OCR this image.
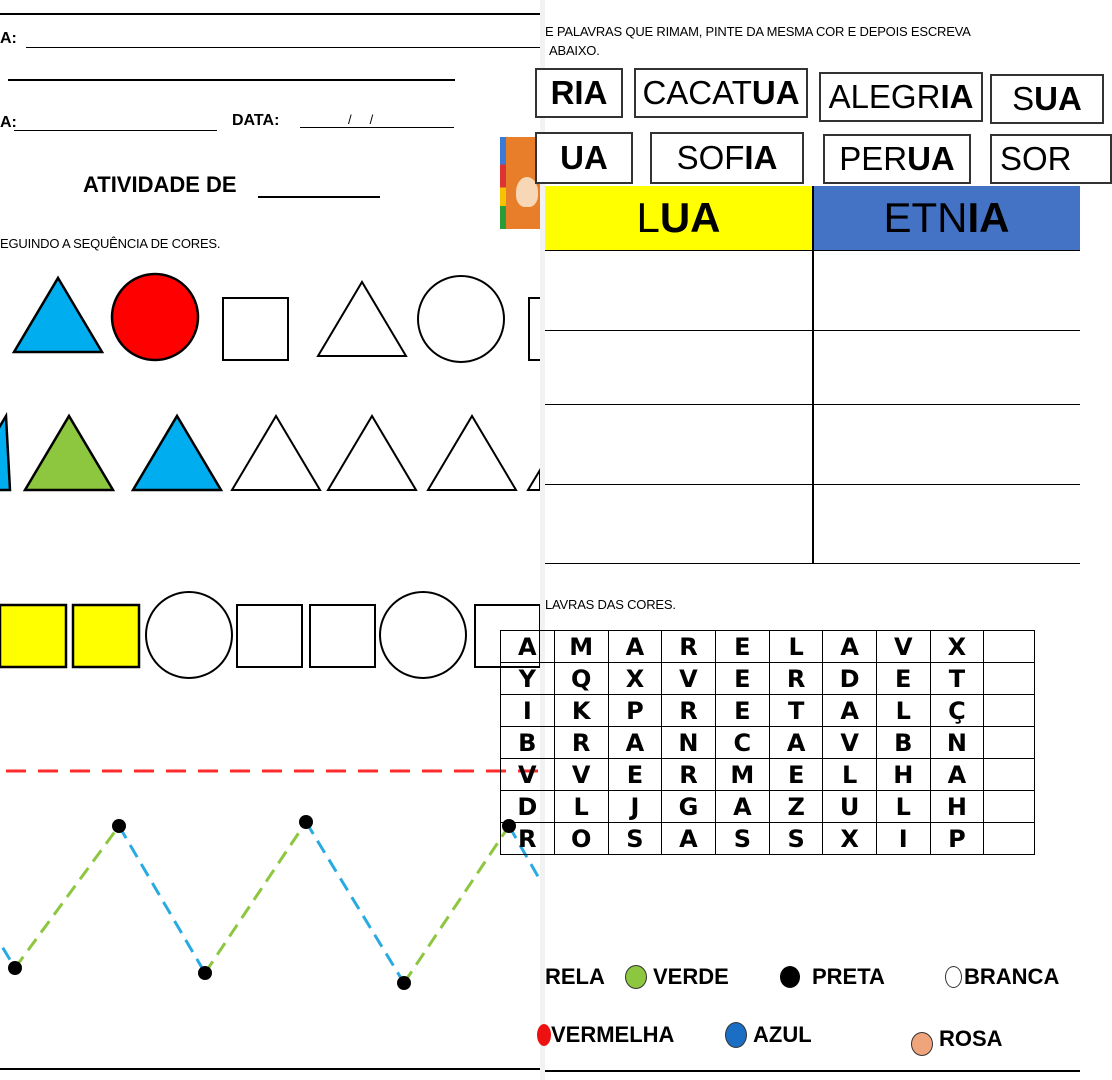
A:
A:	DATA:	/     /
ATIVIDADE DE
EGUINDO A SEQUÊNCIA DE CORES.
E PALAVRAS QUE RIMAM, PINTE DA MESMA COR E DEPOIS ESCREVA
ABAIXO.
RIA CACAT UA ALEGR IA S UA
UA SOF IA PER UA SOR
L UA	ETN IA
LAVRAS DAS CORES.
A	M	A	R	E	L	A	V	X	
Y	Q	X	V	E	R	D	E	T	
I	K	P	R	E	T	A	L	Ç	
B	R	A	N	C	A	V	B	N	
V	V	E	R	M	E	L	H	A	
D	L	J	G	A	Z	U	L	H	
R	O	S	A	S	S	X	I	P	
RELA VERDE	PRETA	BRANCA
VERMELHA	AZUL	ROSA
